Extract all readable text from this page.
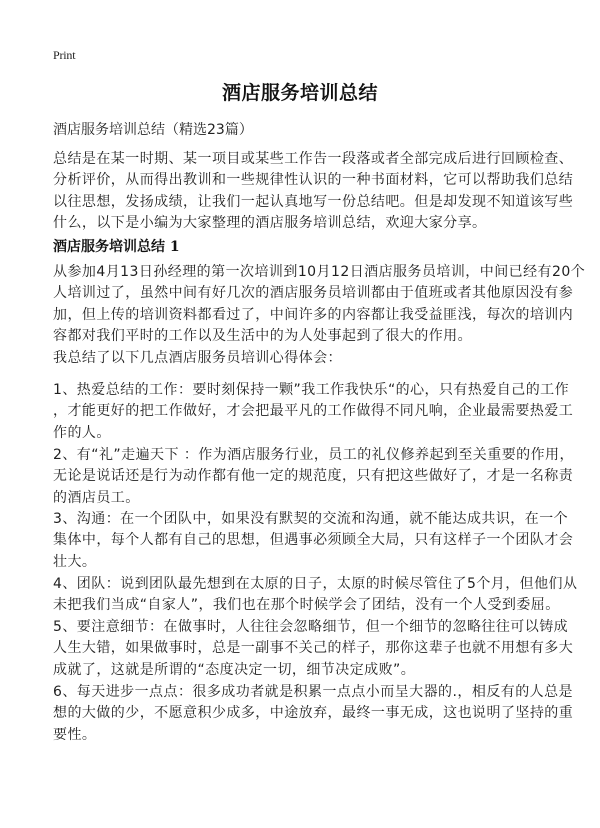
Print
酒店服务培训总结
酒店服务培训总结（精选23篇）
总结是在某一时期、某一项目或某些工作告一段落或者全部完成后进行回顾检查、
分析评价，从而得出教训和一些规律性认识的一种书面材料，它可以帮助我们总结
以往思想，发扬成绩，让我们一起认真地写一份总结吧。但是却发现不知道该写些
什么，以下是小编为大家整理的酒店服务培训总结，欢迎大家分享。
酒店服务培训总结 1
从参加4月13日孙经理的第一次培训到10月12日酒店服务员培训，中间已经有20个
人培训过了，虽然中间有好几次的酒店服务员培训都由于值班或者其他原因没有参
加，但上传的培训资料都看过了，中间许多的内容都让我受益匪浅，每次的培训内
容都对我们平时的工作以及生活中的为人处事起到了很大的作用。
我总结了以下几点酒店服务员培训心得体会：
1、热爱总结的工作：要时刻保持一颗”我工作我快乐“的心，只有热爱自己的工作
，才能更好的把工作做好，才会把最平凡的工作做得不同凡响，企业最需要热爱工
作的人。
2、有“礼”走遍天下 ：作为酒店服务行业，员工的礼仪修养起到至关重要的作用，
无论是说话还是行为动作都有他一定的规范度，只有把这些做好了，才是一名称责
的酒店员工。
3、沟通：在一个团队中，如果没有默契的交流和沟通，就不能达成共识，在一个
集体中，每个人都有自己的思想，但遇事必须顾全大局，只有这样子一个团队才会
壮大。
4、团队：说到团队最先想到在太原的日子，太原的时候尽管住了5个月，但他们从
未把我们当成“自家人”，我们也在那个时候学会了团结，没有一个人受到委屈。
5、要注意细节：在做事时，人往往会忽略细节，但一个细节的忽略往往可以铸成
人生大错，如果做事时，总是一副事不关己的样子，那你这辈子也就不用想有多大
成就了，这就是所谓的“态度决定一切，细节决定成败”。
6、每天进步一点点：很多成功者就是积累一点点小而呈大器的.，相反有的人总是
想的大做的少，不愿意积少成多，中途放弃，最终一事无成，这也说明了坚持的重
要性。
